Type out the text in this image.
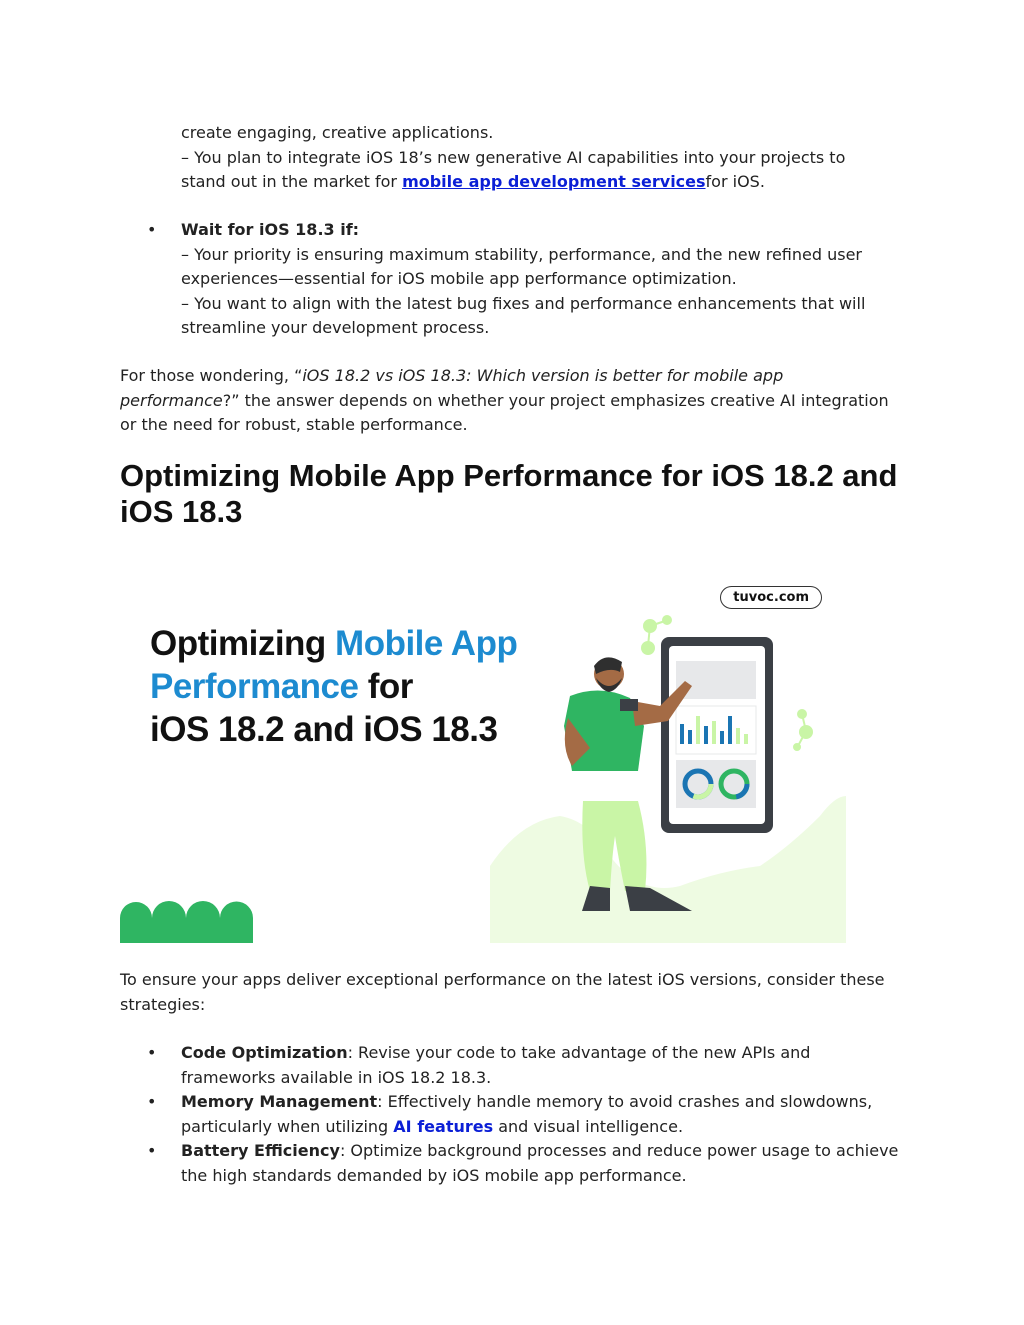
create engaging, creative applications.
– You plan to integrate iOS 18’s new generative AI capabilities into your projects to
stand out in the market for mobile app development servicesfor iOS.
• Wait for iOS 18.3 if:
– Your priority is ensuring maximum stability, performance, and the new refined user
experiences—essential for iOS mobile app performance optimization.
– You want to align with the latest bug fixes and performance enhancements that will
streamline your development process.
For those wondering, “iOS 18.2 vs iOS 18.3: Which version is better for mobile app
performance?” the answer depends on whether your project emphasizes creative AI integration
or the need for robust, stable performance.
Optimizing Mobile App Performance for iOS 18.2 and
iOS 18.3
tuvoc.com
Optimizing Mobile App
Performance for
iOS 18.2 and iOS 18.3
To ensure your apps deliver exceptional performance on the latest iOS versions, consider these
strategies:
• Code Optimization: Revise your code to take advantage of the new APIs and
frameworks available in iOS 18.2 18.3.
• Memory Management: Effectively handle memory to avoid crashes and slowdowns,
particularly when utilizing AI features and visual intelligence.
• Battery Efficiency: Optimize background processes and reduce power usage to achieve
the high standards demanded by iOS mobile app performance.
